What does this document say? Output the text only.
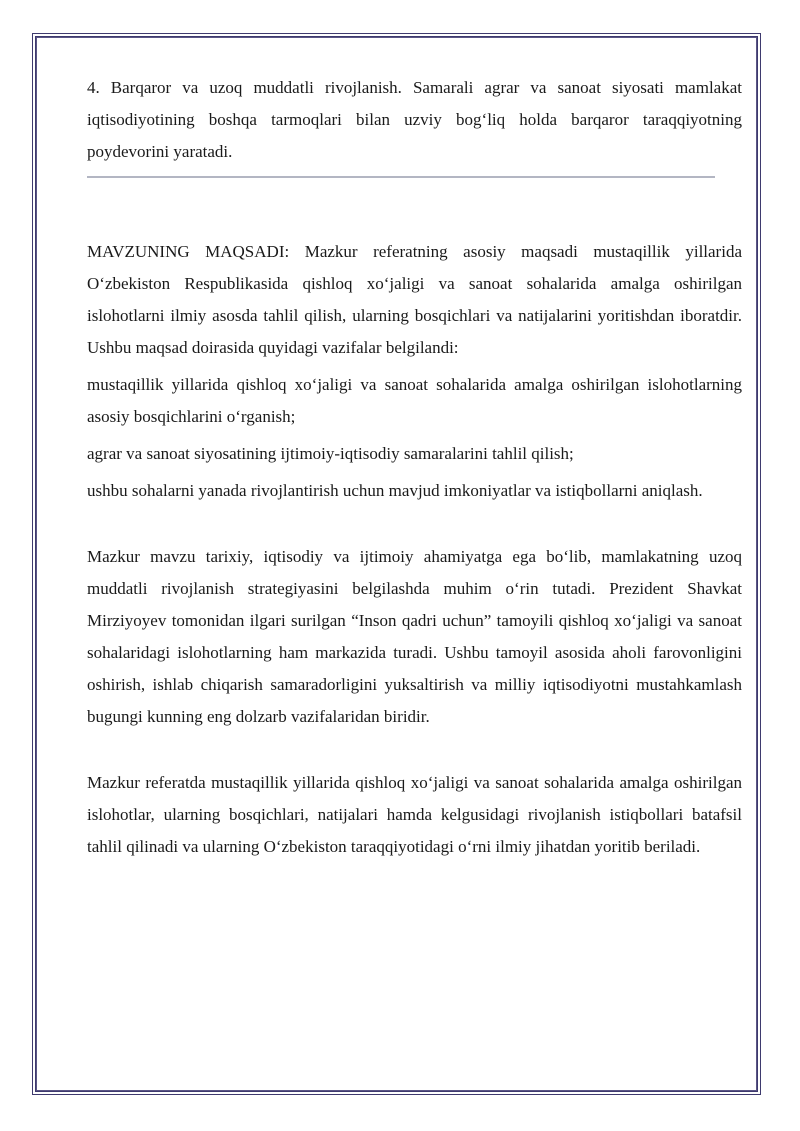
4. Barqaror va uzoq muddatli rivojlanish. Samarali agrar va sanoat siyosati mamlakat iqtisodiyotining boshqa tarmoqlari bilan uzviy bog‘liq holda barqaror taraqqiyotning poydevorini yaratadi.

MAVZUNING MAQSADI: Mazkur referatning asosiy maqsadi mustaqillik yillarida O‘zbekiston Respublikasida qishloq xo‘jaligi va sanoat sohalarida amalga oshirilgan islohotlarni ilmiy asosda tahlil qilish, ularning bosqichlari va natijalarini yoritishdan iboratdir. Ushbu maqsad doirasida quyidagi vazifalar belgilandi:

mustaqillik yillarida qishloq xo‘jaligi va sanoat sohalarida amalga oshirilgan islohotlarning asosiy bosqichlarini o‘rganish;

agrar va sanoat siyosatining ijtimoiy-iqtisodiy samaralarini tahlil qilish;

ushbu sohalarni yanada rivojlantirish uchun mavjud imkoniyatlar va istiqbollarni aniqlash.

Mazkur mavzu tarixiy, iqtisodiy va ijtimoiy ahamiyatga ega bo‘lib, mamlakatning uzoq muddatli rivojlanish strategiyasini belgilashda muhim o‘rin tutadi. Prezident Shavkat Mirziyoyev tomonidan ilgari surilgan “Inson qadri uchun” tamoyili qishloq xo‘jaligi va sanoat sohalaridagi islohotlarning ham markazida turadi. Ushbu tamoyil asosida aholi farovonligini oshirish, ishlab chiqarish samaradorligini yuksaltirish va milliy iqtisodiyotni mustahkamlash bugungi kunning eng dolzarb vazifalaridan biridir.

Mazkur referatda mustaqillik yillarida qishloq xo‘jaligi va sanoat sohalarida amalga oshirilgan islohotlar, ularning bosqichlari, natijalari hamda kelgusidagi rivojlanish istiqbollari batafsil tahlil qilinadi va ularning O‘zbekiston taraqqiyotidagi o‘rni ilmiy jihatdan yoritib beriladi.
